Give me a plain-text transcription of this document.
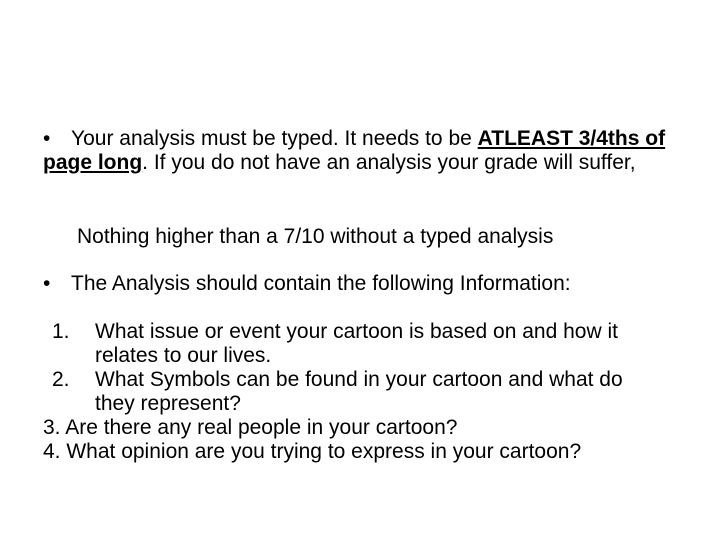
• Your analysis must be typed. It needs to be ATLEAST 3/4ths of page long. If you do not have an analysis your grade will suffer,
Nothing higher than a 7/10 without a typed analysis
• The Analysis should contain the following Information:
1. What issue or event your cartoon is based on and how it relates to our lives.
2. What Symbols can be found in your cartoon and what do they represent?
3. Are there any real people in your cartoon?
4. What opinion are you trying to express in your cartoon?
